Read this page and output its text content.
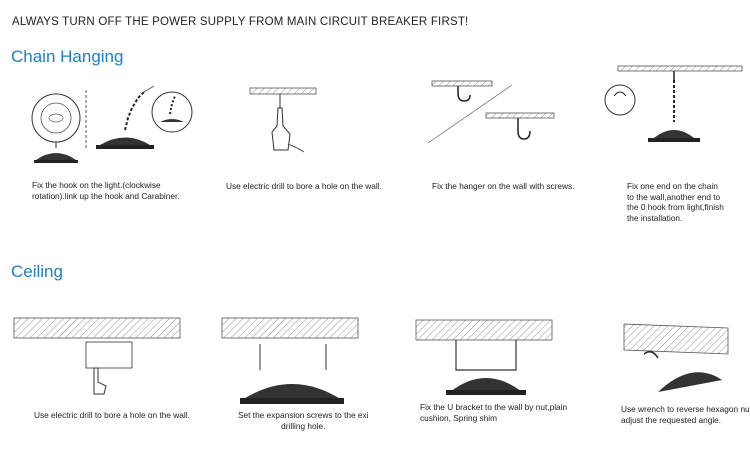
ALWAYS TURN OFF THE POWER SUPPLY FROM MAIN CIRCUIT BREAKER FIRST!
Chain Hanging
Fix the hook on the light.(clockwise
rotation).link up the hook and Carabiner.
Use electric drill to bore a hole on the wall.	Fix the hanger on the wall with screws.	Fix one end on the chain
to the wall,another end to
the 0 hook from light,finish
the installation.
Ceiling
Use electric drill to bore a hole on the wall.	Set the expansion screws to the exi
drilling hole.
Fix the U bracket to the wall by nut,plain
cushion, Spring shim
Use wrench to reverse hexagon nu
adjust the requested angle.
